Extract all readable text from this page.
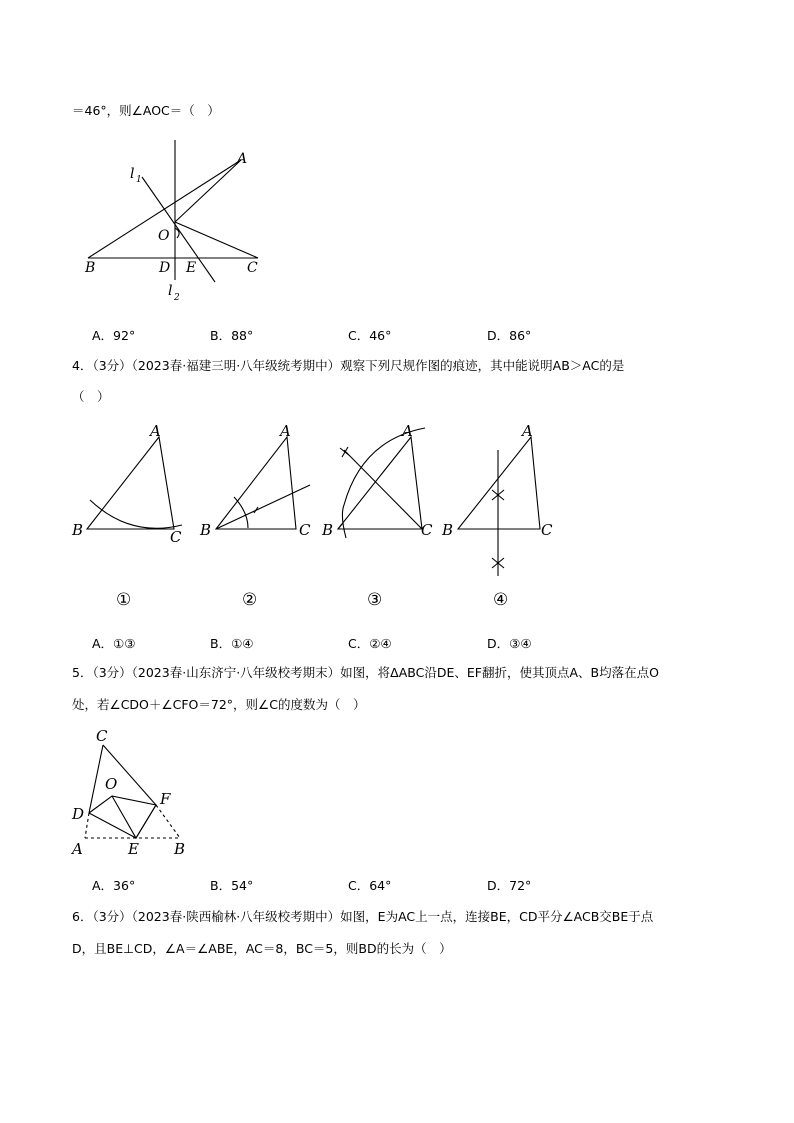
＝46°，则∠AOC＝（　）
l 1
A
O
B	D E	C
l 2
A．92°	B．88°	C．46°	D．86°
4．（3分）（2023春·福建三明·八年级统考期中）观察下列尺规作图的痕迹，其中能说明AB＞AC的是
（　）
A
B	C
A
B	C
A
B	C
A
B	C
①	②	③	④
A．①③	B．①④	C．②④	D．③④
5．（3分）（2023春·山东济宁·八年级校考期末）如图，将ΔABC沿DE、EF翻折，使其顶点A、B均落在点O
处，若∠CDO＋∠CFO＝72°，则∠C的度数为（　）
C
O
F
D
A	E B
A．36°	B．54°	C．64°	D．72°
6．（3分）（2023春·陕西榆林·八年级校考期中）如图，E为AC上一点，连接BE，CD平分∠ACB交BE于点
D，且BE⊥CD，∠A＝∠ABE，AC＝8，BC＝5，则BD的长为（　）
